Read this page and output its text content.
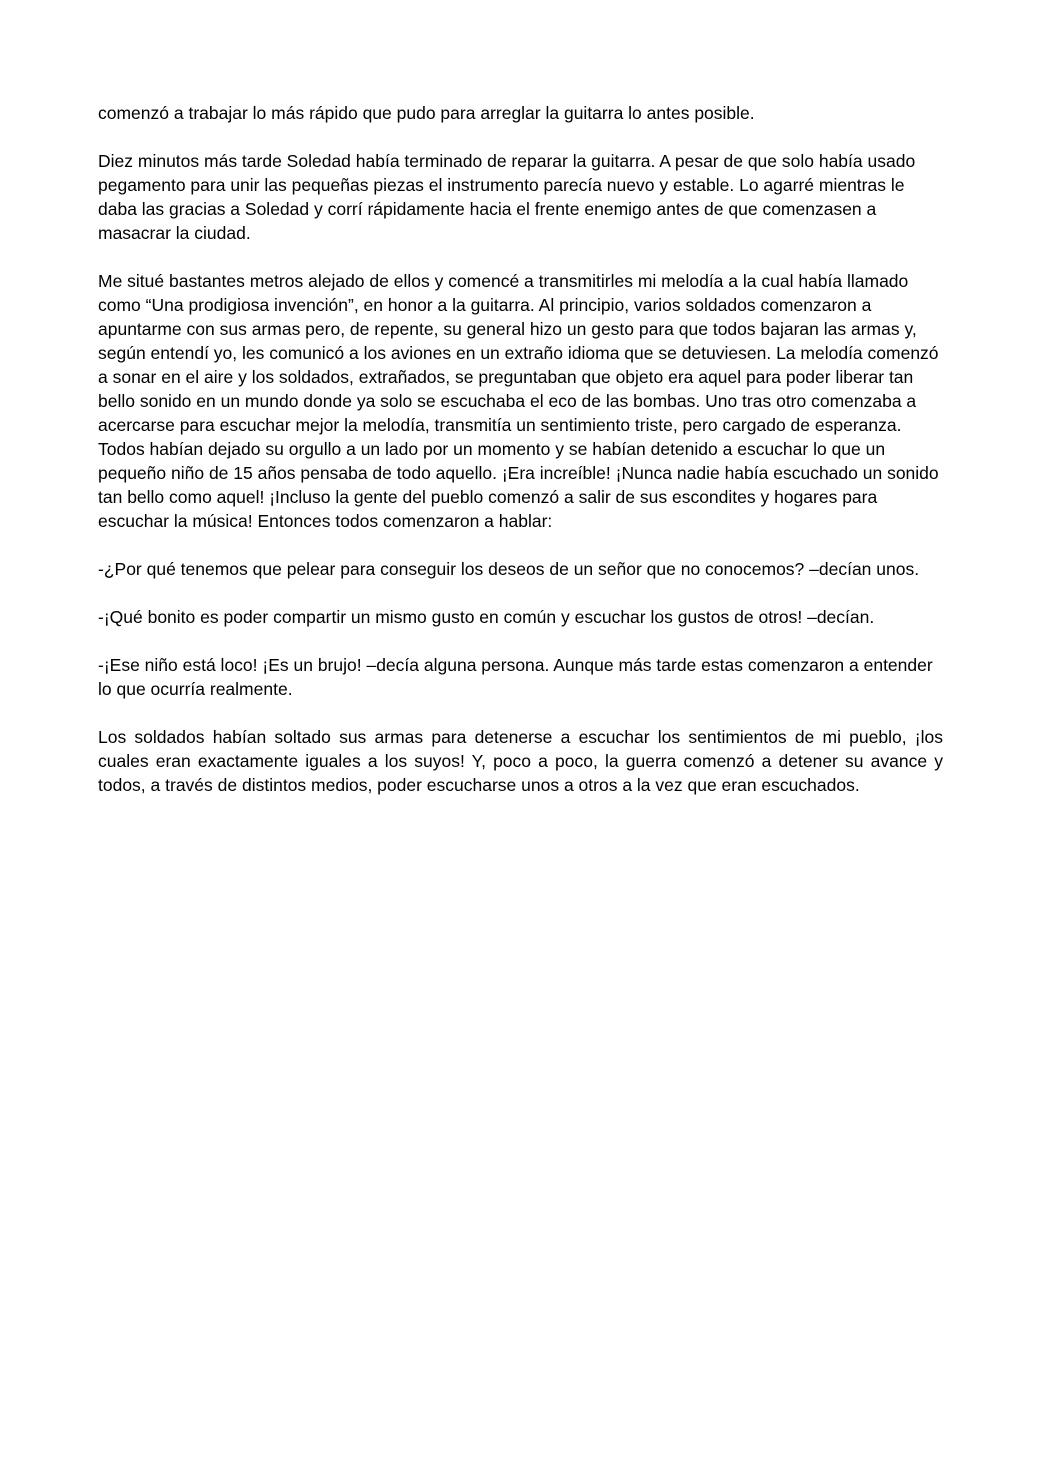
comenzó a trabajar lo más rápido que pudo para arreglar la guitarra lo antes posible.

Diez minutos más tarde Soledad había terminado de reparar la guitarra. A pesar de que solo había usado pegamento para unir las pequeñas piezas el instrumento parecía nuevo y estable. Lo agarré mientras le daba las gracias a Soledad y corrí rápidamente hacia el frente enemigo antes de que comenzasen a masacrar la ciudad.

Me situé bastantes metros alejado de ellos y comencé a transmitirles mi melodía a la cual había llamado como “Una prodigiosa invención”, en honor a la guitarra. Al principio, varios soldados comenzaron a apuntarme con sus armas pero, de repente, su general hizo un gesto para que todos bajaran las armas y, según entendí yo, les comunicó a los aviones en un extraño idioma que se detuviesen. La melodía comenzó a sonar en el aire y los soldados, extrañados, se preguntaban que objeto era aquel para poder liberar tan bello sonido en un mundo donde ya solo se escuchaba el eco de las bombas. Uno tras otro comenzaba a acercarse para escuchar mejor la melodía, transmitía un sentimiento triste, pero cargado de esperanza. Todos habían dejado su orgullo a un lado por un momento y se habían detenido a escuchar lo que un pequeño niño de 15 años pensaba de todo aquello. ¡Era increíble! ¡Nunca nadie había escuchado un sonido tan bello como aquel! ¡Incluso la gente del pueblo comenzó a salir de sus escondites y hogares para escuchar la música! Entonces todos comenzaron a hablar:

-¿Por qué tenemos que pelear para conseguir los deseos de un señor que no conocemos? –decían unos.

-¡Qué bonito es poder compartir un mismo gusto en común y escuchar los gustos de otros! –decían.

-¡Ese niño está loco! ¡Es un brujo! –decía alguna persona. Aunque más tarde estas comenzaron a entender lo que ocurría realmente.

Los soldados habían soltado sus armas para detenerse a escuchar los sentimientos de mi pueblo, ¡los cuales eran exactamente iguales a los suyos! Y, poco a poco, la guerra comenzó a detener su avance y todos, a través de distintos medios, poder escucharse unos a otros a la vez que eran escuchados.
